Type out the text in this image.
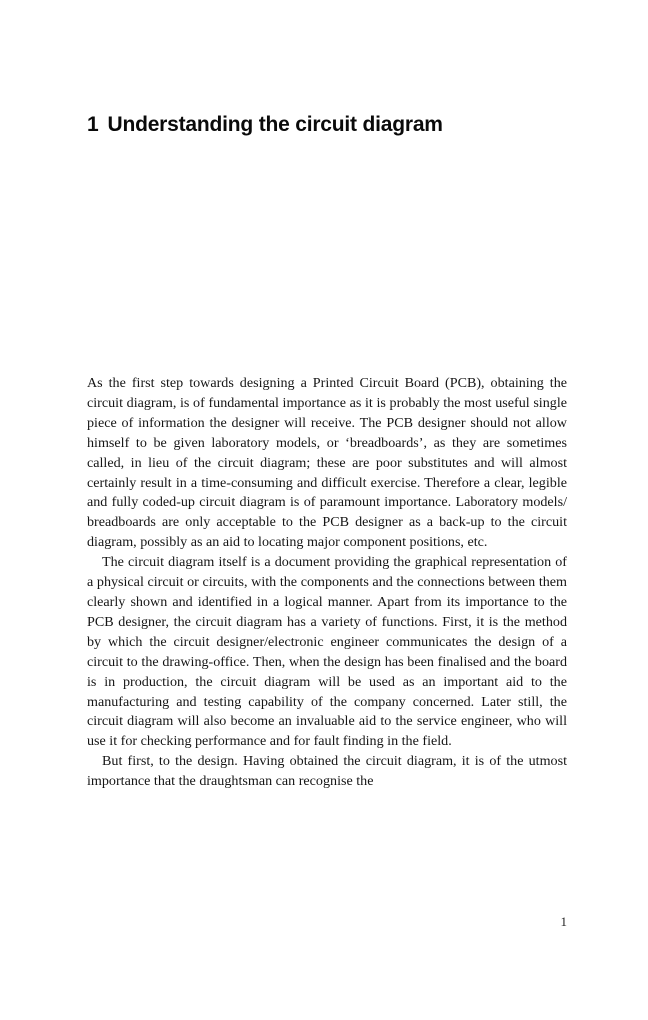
1 Understanding the circuit diagram

As the first step towards designing a Printed Circuit Board (PCB), obtaining the circuit diagram, is of fundamental importance as it is probably the most useful single piece of information the designer will receive. The PCB designer should not allow himself to be given laboratory models, or ‘breadboards’, as they are sometimes called, in lieu of the circuit diagram; these are poor substitutes and will almost certainly result in a time-consuming and difficult exercise. Therefore a clear, legible and fully coded-up circuit diagram is of paramount importance. Laboratory models/ breadboards are only acceptable to the PCB designer as a back-up to the circuit diagram, possibly as an aid to locating major component positions, etc.

The circuit diagram itself is a document providing the graphical representation of a physical circuit or circuits, with the components and the connections between them clearly shown and identified in a logical manner. Apart from its importance to the PCB designer, the circuit diagram has a variety of functions. First, it is the method by which the circuit designer/electronic engineer communicates the design of a circuit to the drawing-office. Then, when the design has been finalised and the board is in production, the circuit diagram will be used as an important aid to the manufacturing and testing capability of the company concerned. Later still, the circuit diagram will also become an invaluable aid to the service engineer, who will use it for checking performance and for fault finding in the field.

But first, to the design. Having obtained the circuit diagram, it is of the utmost importance that the draughtsman can recognise the

1
